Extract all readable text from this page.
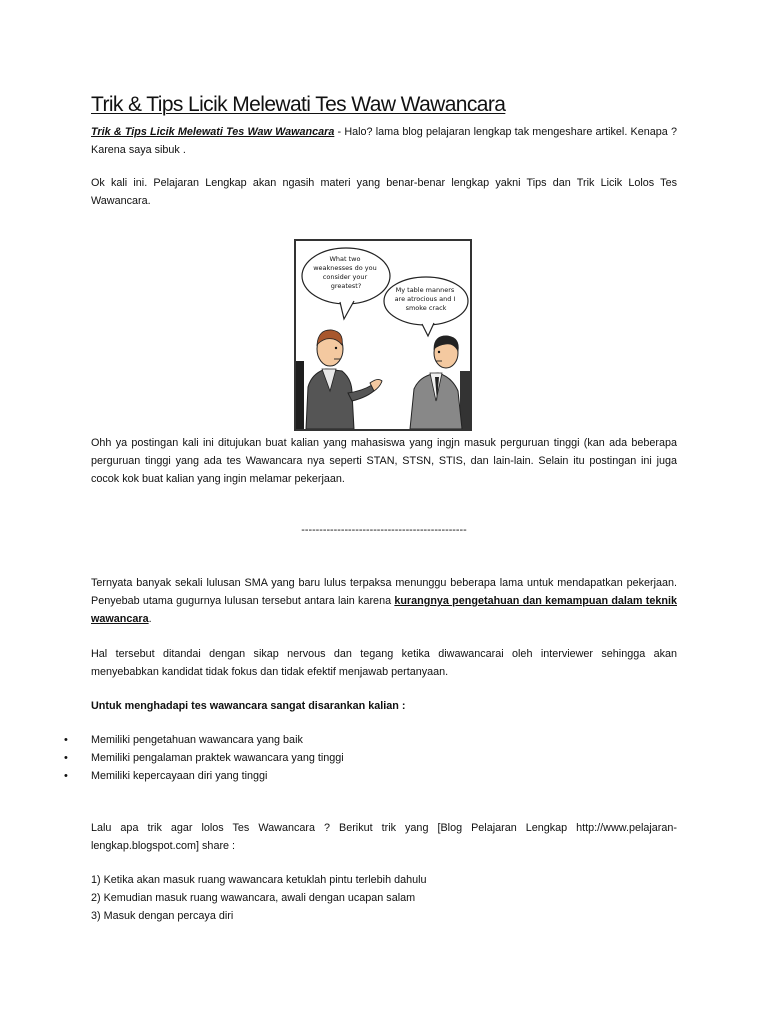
Trik & Tips Licik Melewati Tes Waw Wawancara

Trik & Tips Licik Melewati Tes Waw Wawancara - Halo? lama blog pelajaran lengkap tak mengeshare artikel. Kenapa ? Karena saya sibuk .

Ok kali ini. Pelajaran Lengkap akan ngasih materi yang benar-benar lengkap yakni Tips dan Trik Licik Lolos Tes Wawancara.

What two weaknesses do you consider your greatest?	My table manners are atrocious and I smoke crack

Ohh ya postingan kali ini ditujukan buat kalian yang mahasiswa yang ingjn masuk perguruan tinggi (kan ada beberapa perguruan tinggi yang ada tes Wawancara nya seperti STAN, STSN, STIS, dan lain-lain. Selain itu postingan ini juga cocok kok buat kalian yang ingin melamar pekerjaan.

----------------------------------------------

Ternyata banyak sekali lulusan SMA yang baru lulus terpaksa menunggu beberapa lama untuk mendapatkan pekerjaan. Penyebab utama gugurnya lulusan tersebut antara lain karena kurangnya pengetahuan dan kemampuan dalam teknik wawancara.

Hal tersebut ditandai dengan sikap nervous dan tegang ketika diwawancarai oleh interviewer sehingga akan menyebabkan kandidat tidak fokus dan tidak efektif menjawab pertanyaan.

Untuk menghadapi tes wawancara sangat disarankan kalian :

• Memiliki pengetahuan wawancara yang baik
• Memiliki pengalaman praktek wawancara yang tinggi
• Memiliki kepercayaan diri yang tinggi

Lalu apa trik agar lolos Tes Wawancara ? Berikut trik yang [Blog Pelajaran Lengkap http://www.pelajaran-lengkap.blogspot.com] share :

1) Ketika akan masuk ruang wawancara ketuklah pintu terlebih dahulu
2) Kemudian masuk ruang wawancara, awali dengan ucapan salam
3) Masuk dengan percaya diri
